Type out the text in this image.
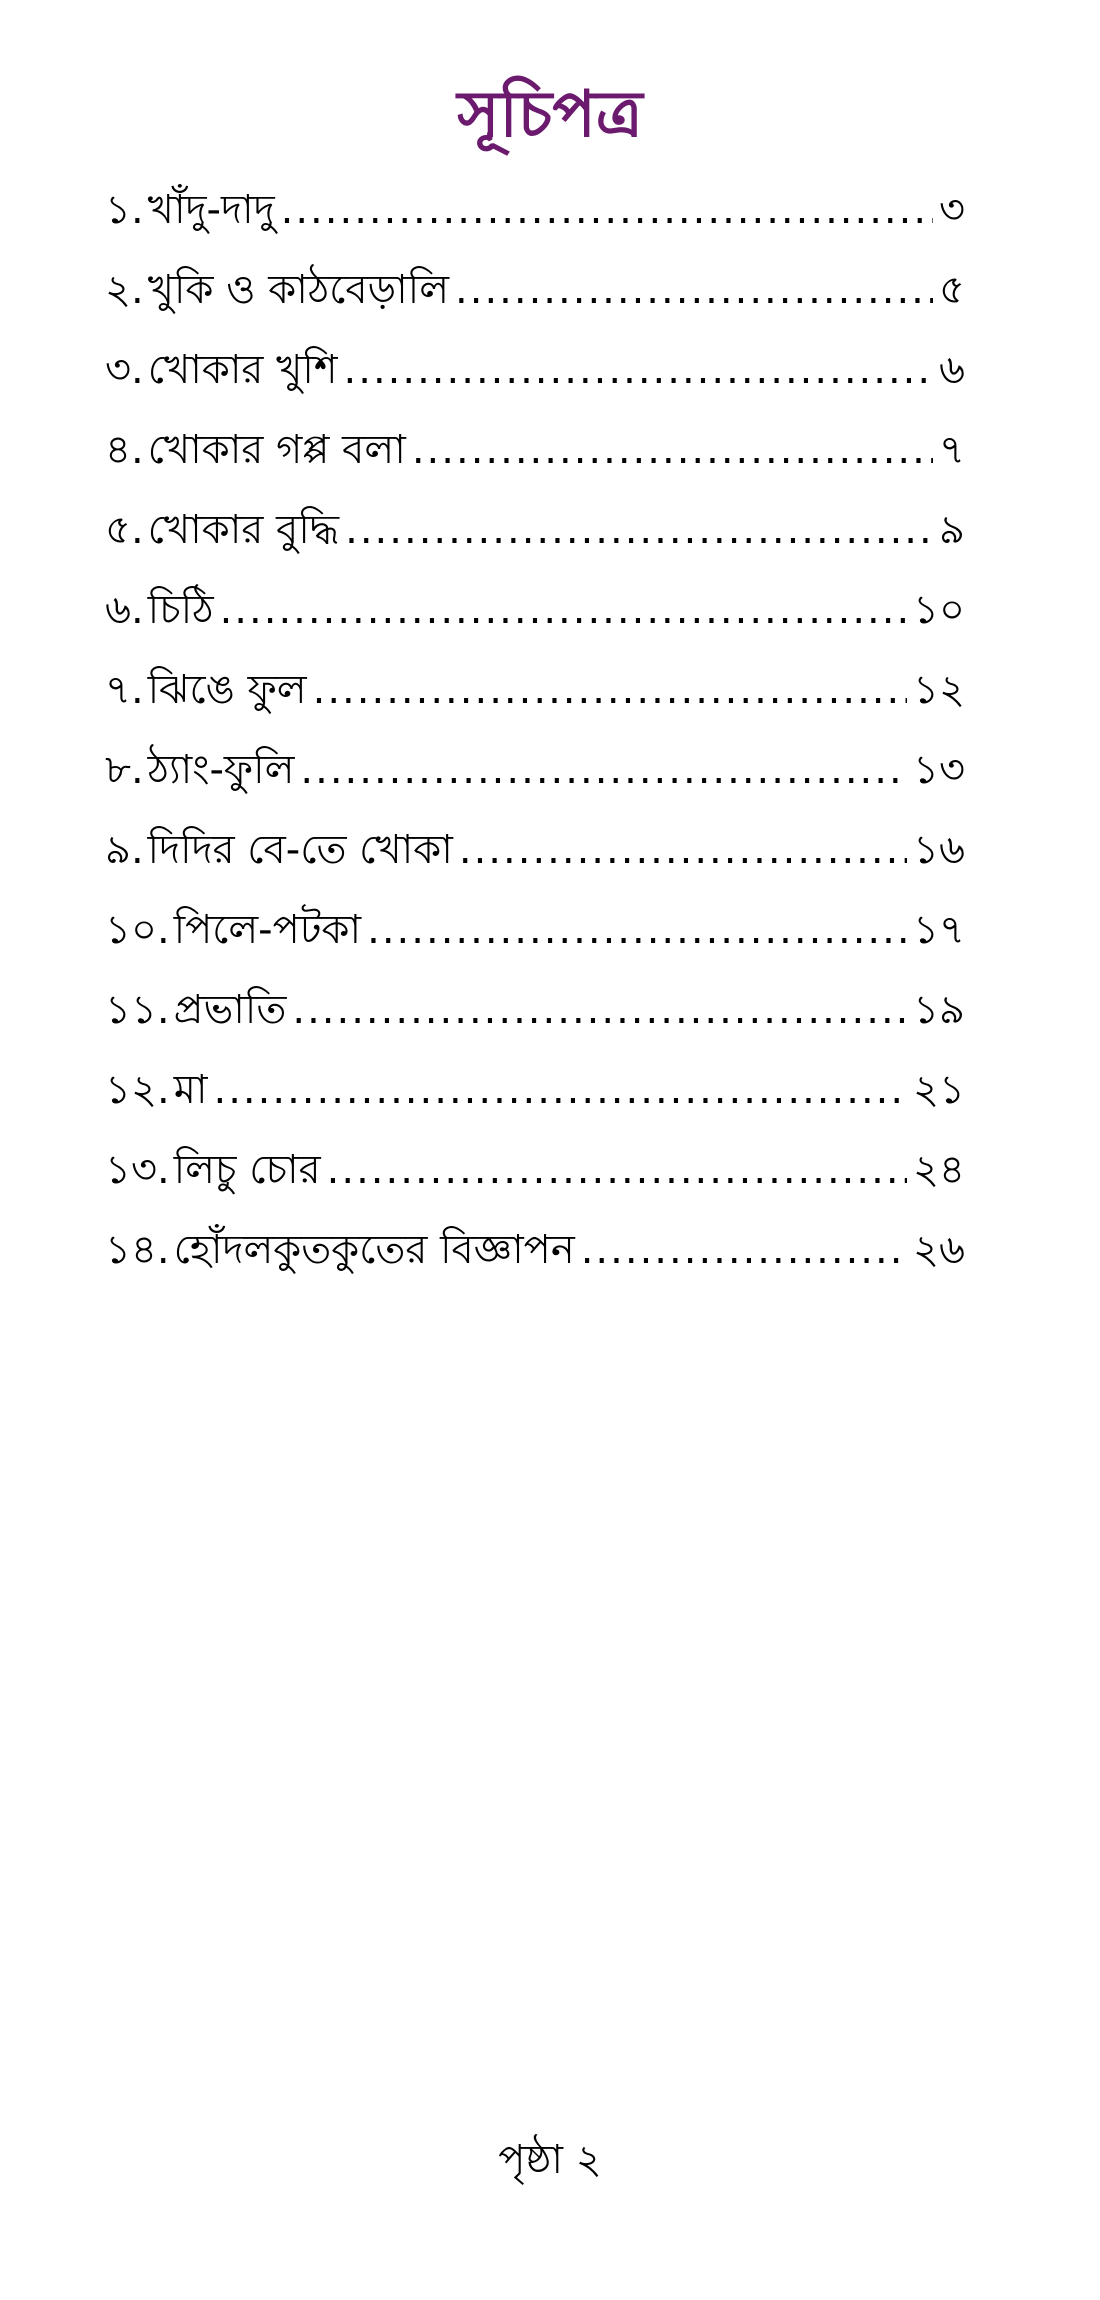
সূচিপত্র
১. খাঁদু-দাদু .....	৩
২. খুকি ও কাঠবেড়ালি .....	৫
৩. খোকার খুশি .....	৬
৪. খোকার গপ্প বলা .....	৭
৫. খোকার বুদ্ধি .....	৯
৬. চিঠি .....	১০
৭. ঝিঙে ফুল .....	১২
৮. ঠ্যাং-ফুলি .....	১৩
৯. দিদির বে-তে খোকা .....	১৬
১০. পিলে-পটকা .....	১৭
১১. প্রভাতি .....	১৯
১২. মা .....	২১
১৩. লিচু চোর .....	২৪
১৪. হোঁদলকুতকুতের বিজ্ঞাপন .....	২৬
পৃষ্ঠা ২
